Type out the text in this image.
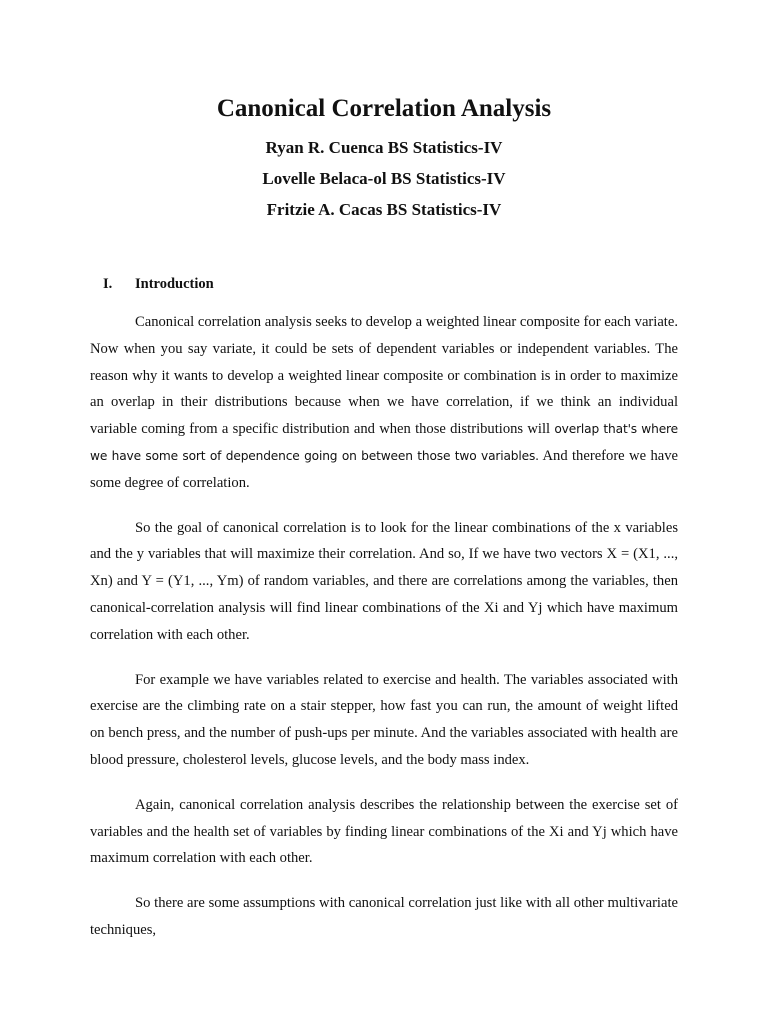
Canonical Correlation Analysis

Ryan R. Cuenca BS Statistics-IV

Lovelle Belaca-ol BS Statistics-IV

Fritzie A. Cacas BS Statistics-IV

I. Introduction

Canonical correlation analysis seeks to develop a weighted linear composite for each variate. Now when you say variate, it could be sets of dependent variables or independent variables. The reason why it wants to develop a weighted linear composite or combination is in order to maximize an overlap in their distributions because when we have correlation, if we think an individual variable coming from a specific distribution and when those distributions will overlap that's where we have some sort of dependence going on between those two variables. And therefore we have some degree of correlation.

So the goal of canonical correlation is to look for the linear combinations of the x variables and the y variables that will maximize their correlation. And so, If we have two vectors X = (X1, ..., Xn) and Y = (Y1, ..., Ym) of random variables, and there are correlations among the variables, then canonical-correlation analysis will find linear combinations of the Xi and Yj which have maximum correlation with each other.

For example we have variables related to exercise and health. The variables associated with exercise are the climbing rate on a stair stepper, how fast you can run, the amount of weight lifted on bench press, and the number of push-ups per minute. And the variables associated with health are blood pressure, cholesterol levels, glucose levels, and the body mass index.

Again, canonical correlation analysis describes the relationship between the exercise set of variables and the health set of variables by finding linear combinations of the Xi and Yj which have maximum correlation with each other.

So there are some assumptions with canonical correlation just like with all other multivariate techniques,
